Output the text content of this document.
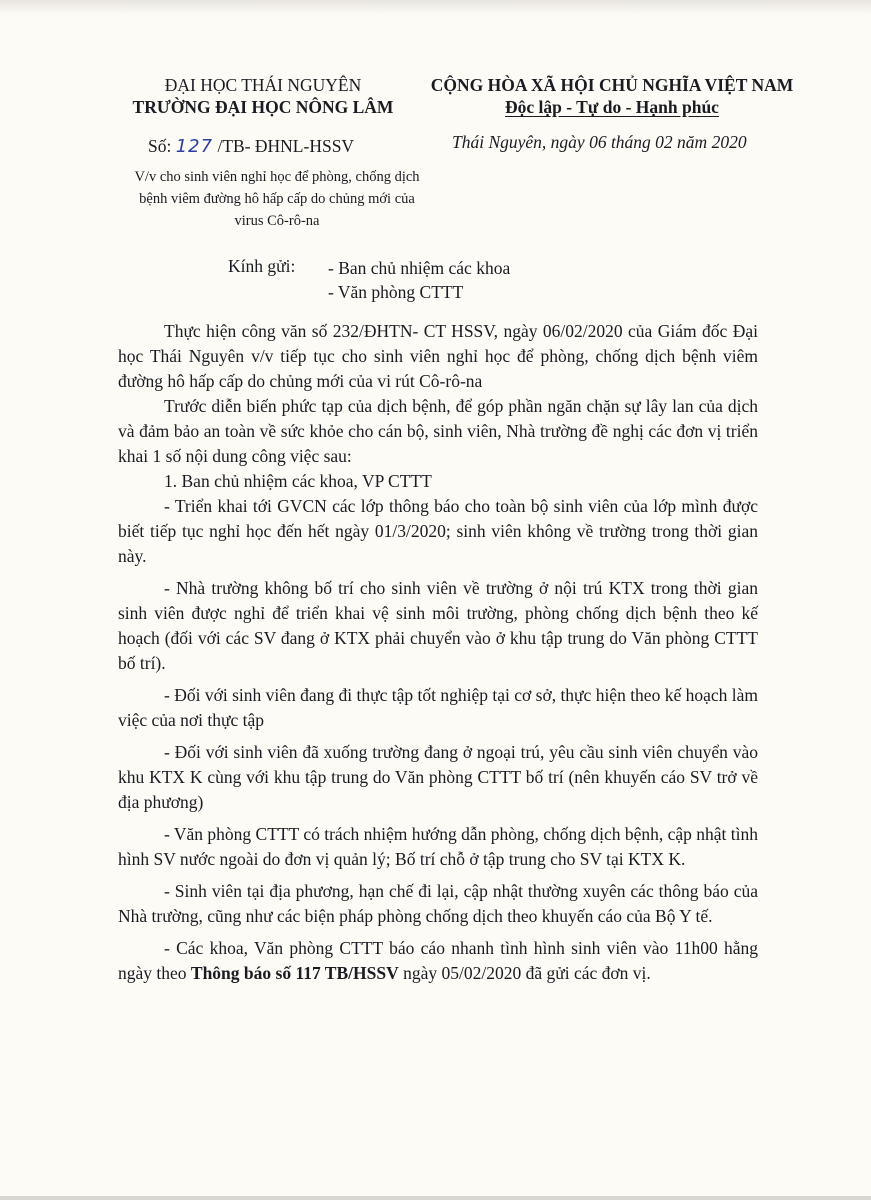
ĐẠI HỌC THÁI NGUYÊN
TRƯỜNG ĐẠI HỌC NÔNG LÂM
CỘNG HÒA XÃ HỘI CHỦ NGHĨA VIỆT NAM
Độc lập - Tự do - Hạnh phúc
Số: 127 /TB- ĐHNL-HSSV	Thái Nguyên, ngày 06 tháng 02 năm 2020
V/v cho sinh viên nghỉ học để phòng, chống dịch bệnh viêm đường hô hấp cấp do chủng mới của virus Cô-rô-na
Kính gửi: - Ban chủ nhiệm các khoa
- Văn phòng CTTT

Thực hiện công văn số 232/ĐHTN- CT HSSV, ngày 06/02/2020 của Giám đốc Đại học Thái Nguyên v/v tiếp tục cho sinh viên nghỉ học để phòng, chống dịch bệnh viêm đường hô hấp cấp do chủng mới của vi rút Cô-rô-na

Trước diễn biến phức tạp của dịch bệnh, để góp phần ngăn chặn sự lây lan của dịch và đảm bảo an toàn về sức khỏe cho cán bộ, sinh viên, Nhà trường đề nghị các đơn vị triển khai 1 số nội dung công việc sau:

1. Ban chủ nhiệm các khoa, VP CTTT

- Triển khai tới GVCN các lớp thông báo cho toàn bộ sinh viên của lớp mình được biết tiếp tục nghỉ học đến hết ngày 01/3/2020; sinh viên không về trường trong thời gian này.

- Nhà trường không bố trí cho sinh viên về trường ở nội trú KTX trong thời gian sinh viên được nghỉ để triển khai vệ sinh môi trường, phòng chống dịch bệnh theo kế hoạch (đối với các SV đang ở KTX phải chuyển vào ở khu tập trung do Văn phòng CTTT bố trí).

- Đối với sinh viên đang đi thực tập tốt nghiệp tại cơ sở, thực hiện theo kế hoạch làm việc của nơi thực tập

- Đối với sinh viên đã xuống trường đang ở ngoại trú, yêu cầu sinh viên chuyển vào khu KTX K cùng với khu tập trung do Văn phòng CTTT bố trí (nên khuyến cáo SV trở về địa phương)

- Văn phòng CTTT có trách nhiệm hướng dẫn phòng, chống dịch bệnh, cập nhật tình hình SV nước ngoài do đơn vị quản lý; Bố trí chỗ ở tập trung cho SV tại KTX K.

- Sinh viên tại địa phương, hạn chế đi lại, cập nhật thường xuyên các thông báo của Nhà trường, cũng như các biện pháp phòng chống dịch theo khuyến cáo của Bộ Y tế.

- Các khoa, Văn phòng CTTT báo cáo nhanh tình hình sinh viên vào 11h00 hằng ngày theo Thông báo số 117 TB/HSSV ngày 05/02/2020 đã gửi các đơn vị.
